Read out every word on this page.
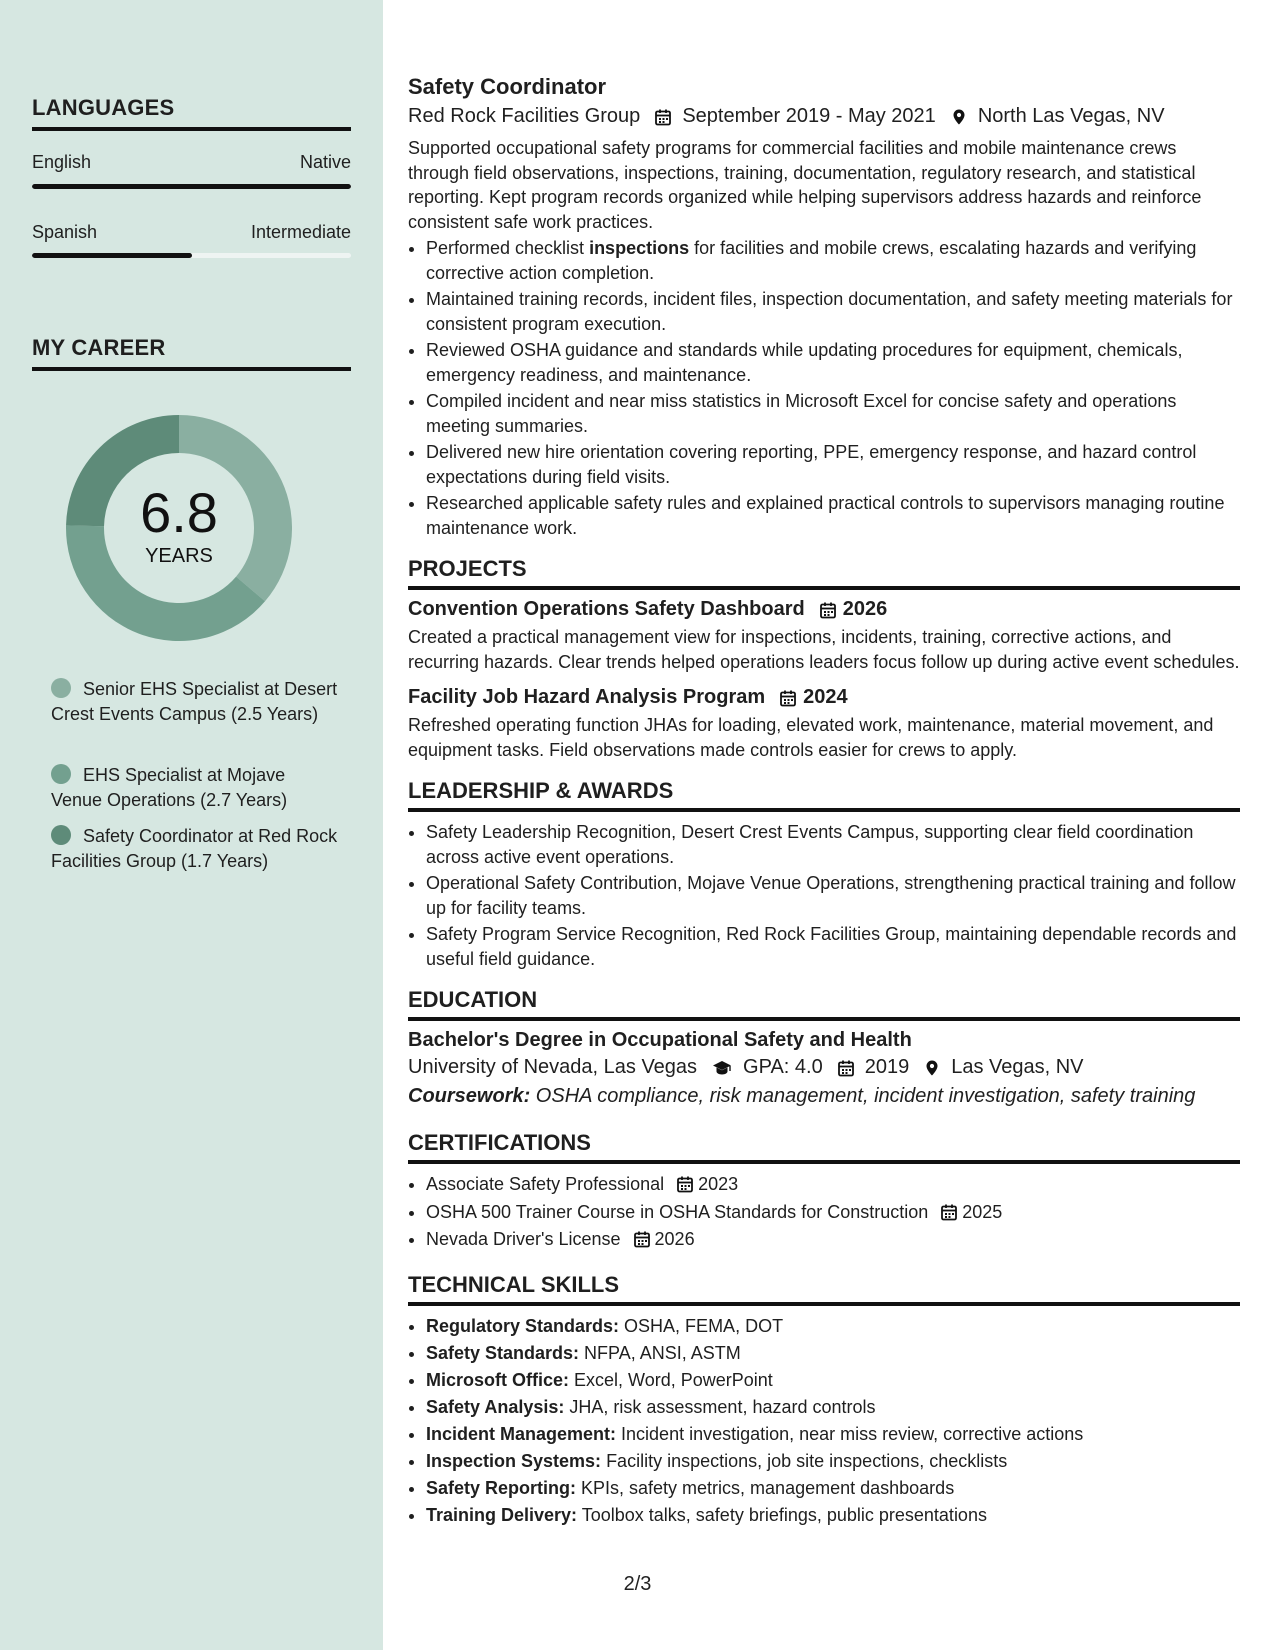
LANGUAGES
English	Native
Spanish	Intermediate
MY CAREER
6.8
YEARS
Senior EHS Specialist at Desert Crest Events Campus (2.5 Years)
EHS Specialist at Mojave Venue Operations (2.7 Years)
Safety Coordinator at Red Rock Facilities Group (1.7 Years)
Safety Coordinator
Red Rock Facilities Group September 2019 - May 2021 North Las Vegas, NV

Supported occupational safety programs for commercial facilities and mobile maintenance crews through field observations, inspections, training, documentation, regulatory research, and statistical reporting. Kept program records organized while helping supervisors address hazards and reinforce consistent safe work practices.

• Performed checklist inspections for facilities and mobile crews, escalating hazards and verifying corrective action completion.
• Maintained training records, incident files, inspection documentation, and safety meeting materials for consistent program execution.
• Reviewed OSHA guidance and standards while updating procedures for equipment, chemicals, emergency readiness, and maintenance.
• Compiled incident and near miss statistics in Microsoft Excel for concise safety and operations meeting summaries.
• Delivered new hire orientation covering reporting, PPE, emergency response, and hazard control expectations during field visits.
• Researched applicable safety rules and explained practical controls to supervisors managing routine maintenance work.
PROJECTS
Convention Operations Safety Dashboard 2026

Created a practical management view for inspections, incidents, training, corrective actions, and recurring hazards. Clear trends helped operations leaders focus follow up during active event schedules.

Facility Job Hazard Analysis Program 2024

Refreshed operating function JHAs for loading, elevated work, maintenance, material movement, and equipment tasks. Field observations made controls easier for crews to apply.

LEADERSHIP & AWARDS
• Safety Leadership Recognition, Desert Crest Events Campus, supporting clear field coordination across active event operations.
• Operational Safety Contribution, Mojave Venue Operations, strengthening practical training and follow up for facility teams.
• Safety Program Service Recognition, Red Rock Facilities Group, maintaining dependable records and useful field guidance.
EDUCATION
Bachelor's Degree in Occupational Safety and Health
University of Nevada, Las Vegas GPA: 4.0 2019 Las Vegas, NV
Coursework: OSHA compliance, risk management, incident investigation, safety training
CERTIFICATIONS
• Associate Safety Professional 2023
• OSHA 500 Trainer Course in OSHA Standards for Construction 2025
• Nevada Driver's License 2026
TECHNICAL SKILLS
• Regulatory Standards: OSHA, FEMA, DOT
• Safety Standards: NFPA, ANSI, ASTM
• Microsoft Office: Excel, Word, PowerPoint
• Safety Analysis: JHA, risk assessment, hazard controls
• Incident Management: Incident investigation, near miss review, corrective actions
• Inspection Systems: Facility inspections, job site inspections, checklists
• Safety Reporting: KPIs, safety metrics, management dashboards
• Training Delivery: Toolbox talks, safety briefings, public presentations
2/3
